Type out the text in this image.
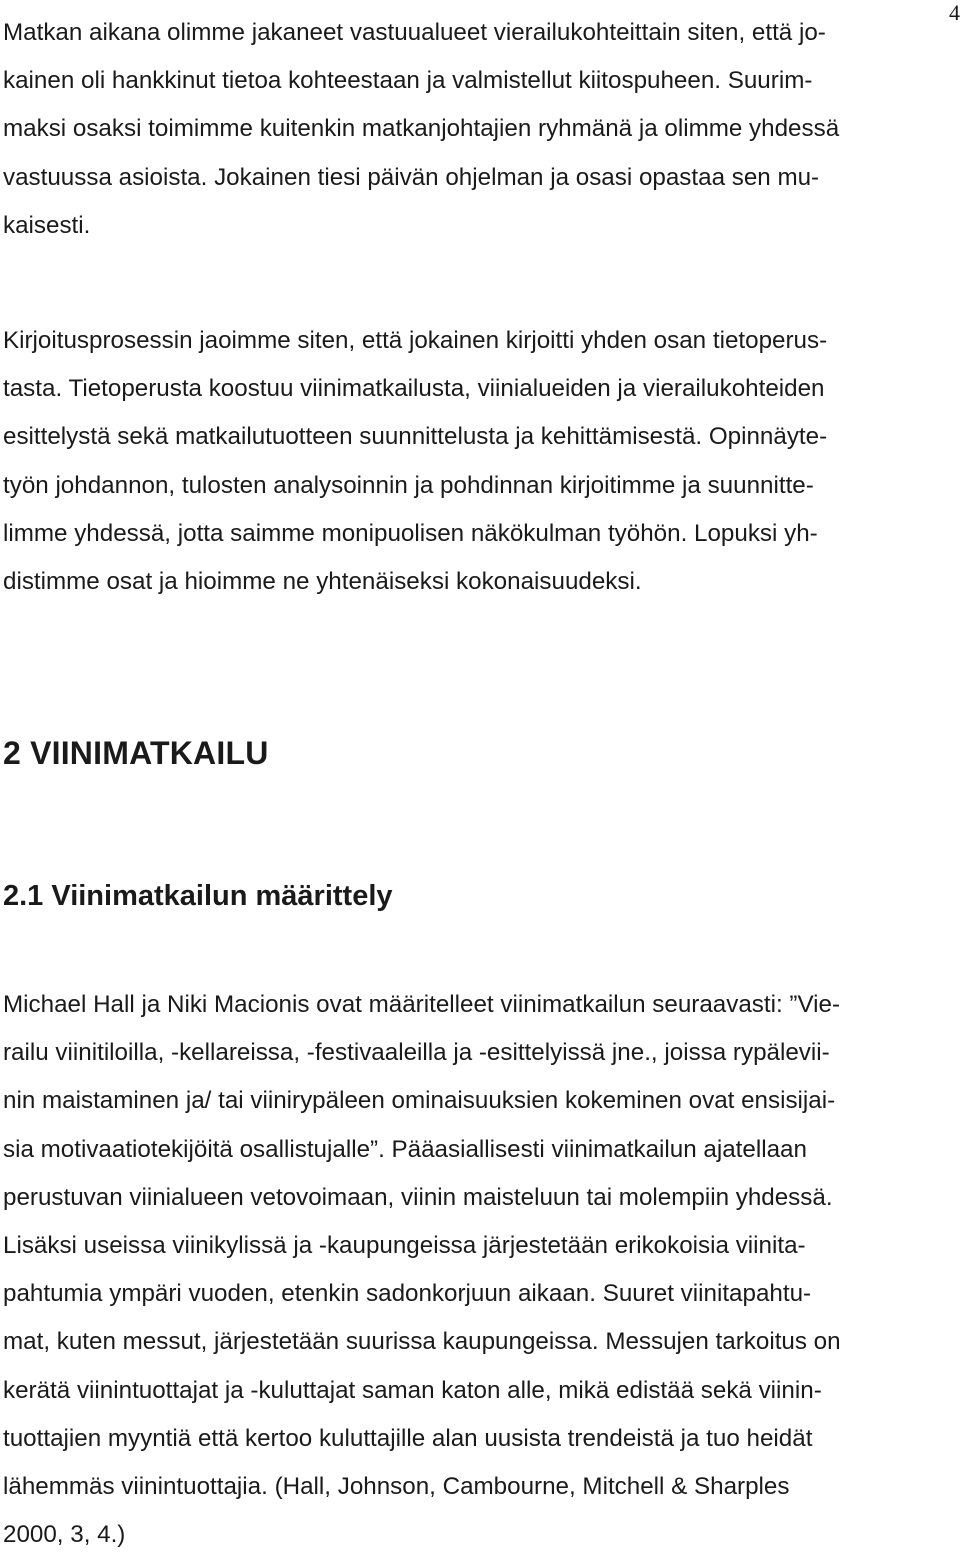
4
Matkan aikana olimme jakaneet vastuualueet vierailukohteittain siten, että jo-
kainen oli hankkinut tietoa kohteestaan ja valmistellut kiitospuheen. Suurim-
maksi osaksi toimimme kuitenkin matkanjohtajien ryhmänä ja olimme yhdessä
vastuussa asioista. Jokainen tiesi päivän ohjelman ja osasi opastaa sen mu-
kaisesti.
Kirjoitusprosessin jaoimme siten, että jokainen kirjoitti yhden osan tietoperus-
tasta. Tietoperusta koostuu viinimatkailusta, viinialueiden ja vierailukohteiden
esittelystä sekä matkailutuotteen suunnittelusta ja kehittämisestä. Opinnäyte-
työn johdannon, tulosten analysoinnin ja pohdinnan kirjoitimme ja suunnitte-
limme yhdessä, jotta saimme monipuolisen näkökulman työhön. Lopuksi yh-
distimme osat ja hioimme ne yhtenäiseksi kokonaisuudeksi.
2 VIINIMATKAILU
2.1 Viinimatkailun määrittely
Michael Hall ja Niki Macionis ovat määritelleet viinimatkailun seuraavasti: ”Vie-
railu viinitiloilla, -kellareissa, -festivaaleilla ja -esittelyissä jne., joissa rypälevii-
nin maistaminen ja/ tai viinirypäleen ominaisuuksien kokeminen ovat ensisijai-
sia motivaatiotekijöitä osallistujalle”. Pääasiallisesti viinimatkailun ajatellaan
perustuvan viinialueen vetovoimaan, viinin maisteluun tai molempiin yhdessä.
Lisäksi useissa viinikylissä ja -kaupungeissa järjestetään erikokoisia viinita-
pahtumia ympäri vuoden, etenkin sadonkorjuun aikaan. Suuret viinitapahtu-
mat, kuten messut, järjestetään suurissa kaupungeissa. Messujen tarkoitus on
kerätä viinintuottajat ja -kuluttajat saman katon alle, mikä edistää sekä viinin-
tuottajien myyntiä että kertoo kuluttajille alan uusista trendeistä ja tuo heidät
lähemmäs viinintuottajia. (Hall, Johnson, Cambourne, Mitchell & Sharples
2000, 3, 4.)
